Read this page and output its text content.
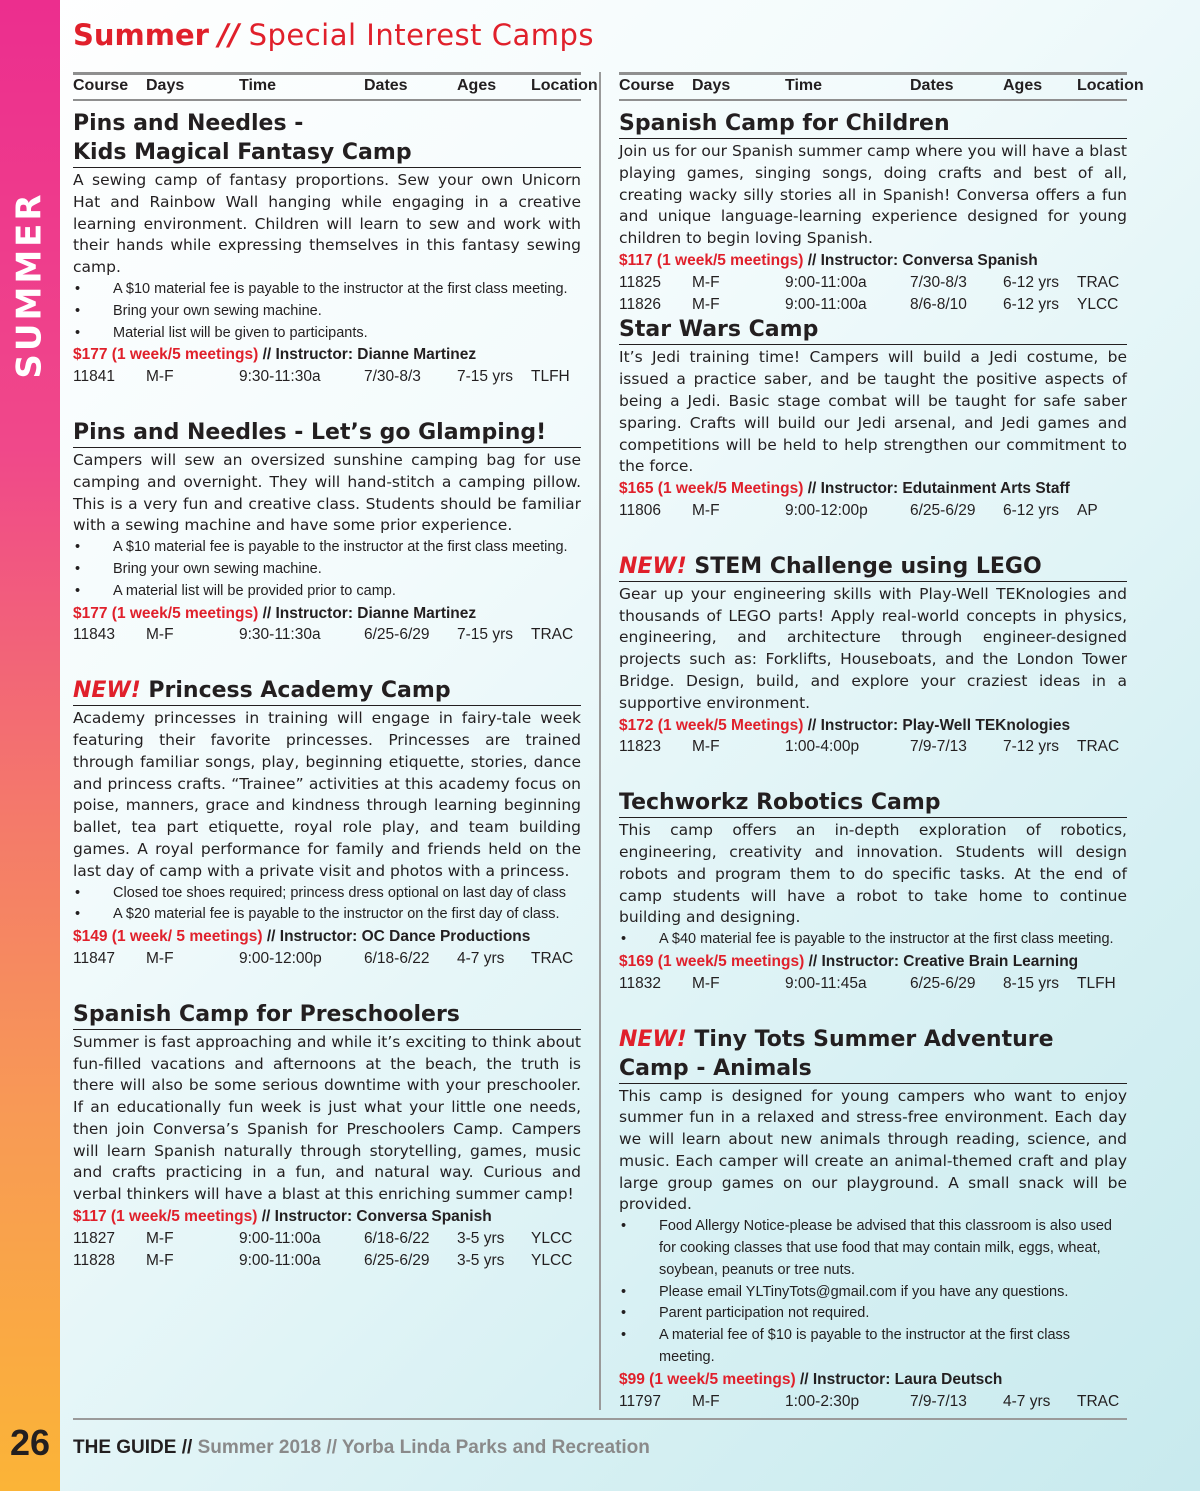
SUMMER
26
Summer // Special Interest Camps
Course Days	Time	Dates	Ages Location
Pins and Needles -
Kids Magical Fantasy Camp
A sewing camp of fantasy proportions. Sew your own Unicorn Hat and Rainbow Wall hanging while engaging in a creative learning environment. Children will learn to sew and work with their hands while expressing themselves in this fantasy sewing camp.
• A $10 material fee is payable to the instructor at the first class meeting.
• Bring your own sewing machine.
• Material list will be given to participants.
$177 (1 week/5 meetings) // Instructor: Dianne Martinez
11841 M-F	9:30-11:30a	7/30-8/3 7-15 yrs TLFH
Pins and Needles - Let’s go Glamping!
Campers will sew an oversized sunshine camping bag for use camping and overnight. They will hand-stitch a camping pillow. This is a very fun and creative class. Students should be familiar with a sewing machine and have some prior experience.
• A $10 material fee is payable to the instructor at the first class meeting.
• Bring your own sewing machine.
• A material list will be provided prior to camp.
$177 (1 week/5 meetings) // Instructor: Dianne Martinez
11843 M-F	9:30-11:30a	6/25-6/29 7-15 yrs TRAC
NEW! Princess Academy Camp
Academy princesses in training will engage in fairy-tale week featuring their favorite princesses. Princesses are trained through familiar songs, play, beginning etiquette, stories, dance and princess crafts. “Trainee” activities at this academy focus on poise, manners, grace and kindness through learning beginning ballet, tea part etiquette, royal role play, and team building games. A royal performance for family and friends held on the last day of camp with a private visit and photos with a princess.
• Closed toe shoes required; princess dress optional on last day of class
• A $20 material fee is payable to the instructor on the first day of class.
$149 (1 week/ 5 meetings) // Instructor: OC Dance Productions
11847 M-F	9:00-12:00p	6/18-6/22 4-7 yrs TRAC
Spanish Camp for Preschoolers
Summer is fast approaching and while it’s exciting to think about fun-filled vacations and afternoons at the beach, the truth is there will also be some serious downtime with your preschooler. If an educationally fun week is just what your little one needs, then join Conversa’s Spanish for Preschoolers Camp. Campers will learn Spanish naturally through storytelling, games, music and crafts practicing in a fun, and natural way. Curious and verbal thinkers will have a blast at this enriching summer camp!
$117 (1 week/5 meetings) // Instructor: Conversa Spanish
11827 M-F	9:00-11:00a	6/18-6/22 3-5 yrs YLCC
11828 M-F	9:00-11:00a	6/25-6/29 3-5 yrs YLCC
Course Days	Time	Dates	Ages Location
Spanish Camp for Children
Join us for our Spanish summer camp where you will have a blast playing games, singing songs, doing crafts and best of all, creating wacky silly stories all in Spanish! Conversa offers a fun and unique language-learning experience designed for young children to begin loving Spanish.
$117 (1 week/5 meetings) // Instructor: Conversa Spanish
11825 M-F	9:00-11:00a	7/30-8/3 6-12 yrs TRAC
11826 M-F	9:00-11:00a	8/6-8/10 6-12 yrs YLCC
Star Wars Camp
It’s Jedi training time! Campers will build a Jedi costume, be issued a practice saber, and be taught the positive aspects of being a Jedi. Basic stage combat will be taught for safe saber sparing. Crafts will build our Jedi arsenal, and Jedi games and competitions will be held to help strengthen our commitment to the force.
$165 (1 week/5 Meetings) // Instructor: Edutainment Arts Staff
11806 M-F	9:00-12:00p	6/25-6/29 6-12 yrs AP
NEW! STEM Challenge using LEGO
Gear up your engineering skills with Play-Well TEKnologies and thousands of LEGO parts! Apply real-world concepts in physics, engineering, and architecture through engineer-designed projects such as: Forklifts, Houseboats, and the London Tower Bridge. Design, build, and explore your craziest ideas in a supportive environment.
$172 (1 week/5 Meetings) // Instructor: Play-Well TEKnologies
11823 M-F	1:00-4:00p	7/9-7/13 7-12 yrs TRAC
Techworkz Robotics Camp
This camp offers an in-depth exploration of robotics, engineering, creativity and innovation. Students will design robots and program them to do specific tasks. At the end of camp students will have a robot to take home to continue building and designing.
• A $40 material fee is payable to the instructor at the first class meeting.
$169 (1 week/5 meetings) // Instructor: Creative Brain Learning
11832 M-F	9:00-11:45a	6/25-6/29 8-15 yrs TLFH
NEW! Tiny Tots Summer Adventure
Camp - Animals
This camp is designed for young campers who want to enjoy summer fun in a relaxed and stress-free environment. Each day we will learn about new animals through reading, science, and music. Each camper will create an animal-themed craft and play large group games on our playground. A small snack will be provided.
• Food Allergy Notice-please be advised that this classroom is also used for cooking classes that use food that may contain milk, eggs, wheat, soybean, peanuts or tree nuts.
• Please email YLTinyTots@gmail.com if you have any questions.
• Parent participation not required.
• A material fee of $10 is payable to the instructor at the first class meeting.
$99 (1 week/5 meetings) // Instructor: Laura Deutsch
11797 M-F	1:00-2:30p	7/9-7/13 4-7 yrs TRAC
THE GUIDE // Summer 2018 // Yorba Linda Parks and Recreation
